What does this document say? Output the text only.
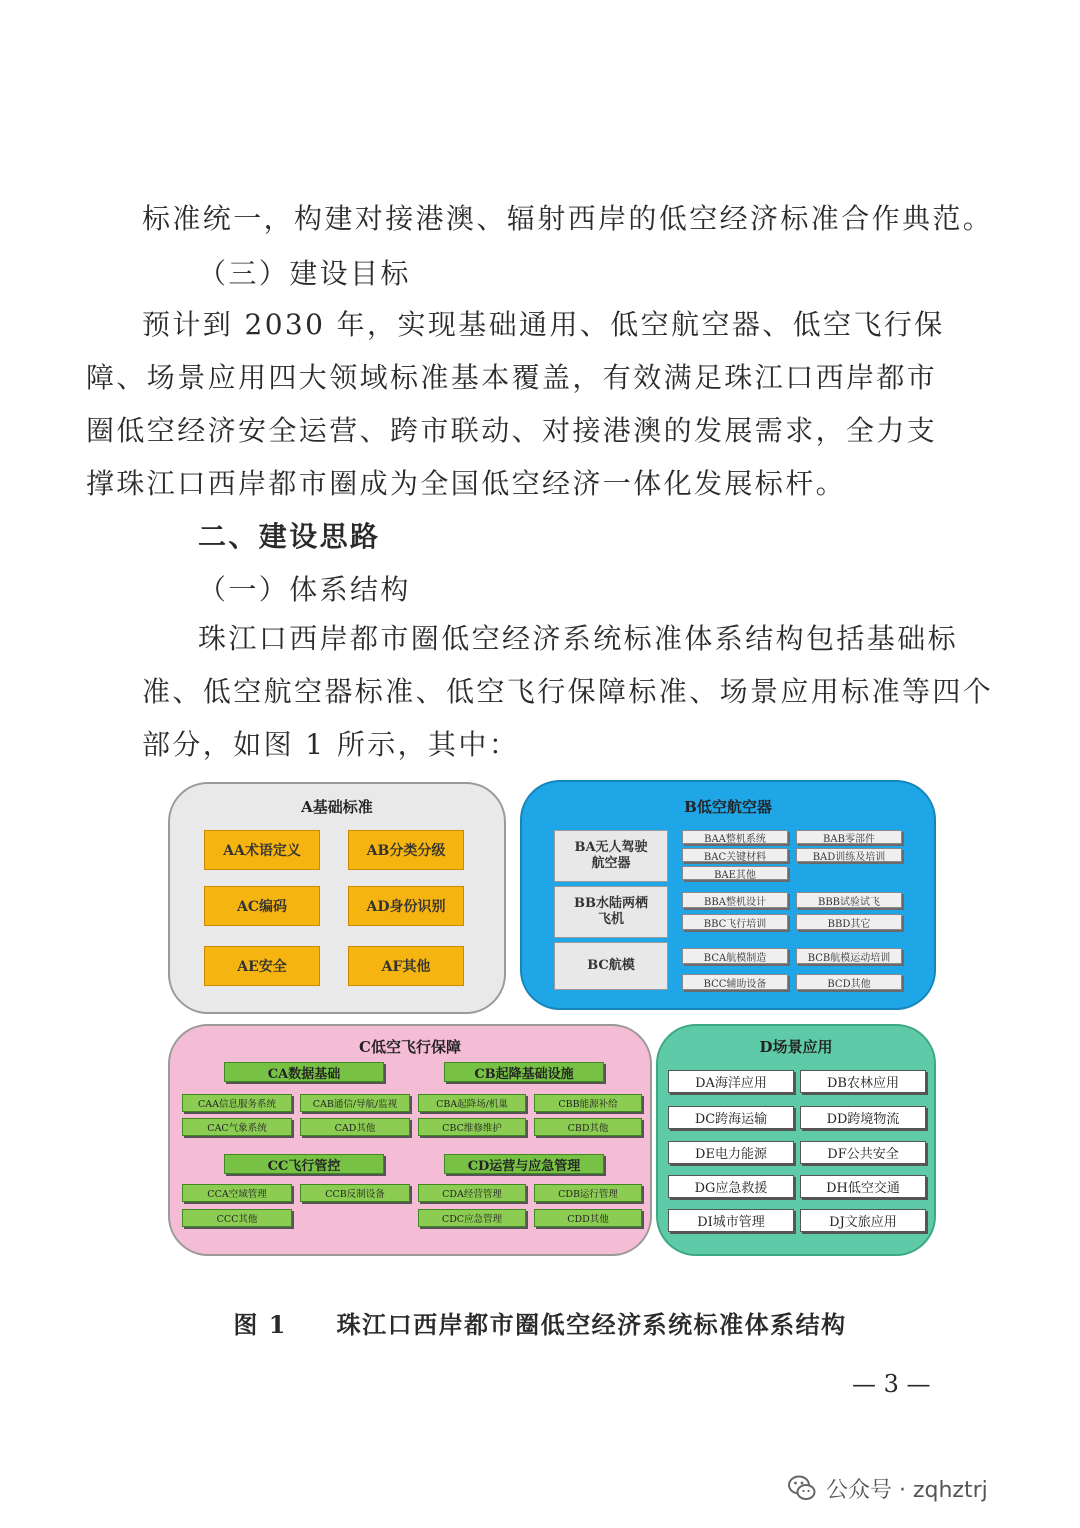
标准统一，构建对接港澳、辐射西岸的低空经济标准合作典范。
（三）建设目标
预计到 2030 年，实现基础通用、低空航空器、低空飞行保
障、场景应用四大领域标准基本覆盖，有效满足珠江口西岸都市
圈低空经济安全运营、跨市联动、对接港澳的发展需求，全力支
撑珠江口西岸都市圈成为全国低空经济一体化发展标杆。
二、建设思路
（一）体系结构
珠江口西岸都市圈低空经济系统标准体系结构包括基础标
准、低空航空器标准、低空飞行保障标准、场景应用标准等四个
部分，如图 1 所示，其中：
A基础标准
AA术语定义	AB分类分级
AC编码	AD身份识别
AE安全	AF其他
B低空航空器
BA无人驾驶航空器
BAA整机系统	BAB零部件
BAC关键材料	BAD训练及培训
BAE其他
BB水陆两栖飞机
BBA整机设计	BBB试验试飞
BBC飞行培训	BBD其它
BC航模	BCA航模制造	BCB航模运动培训
BCC辅助设备	BCD其他
C低空飞行保障
CA数据基础
CAA信息服务系统	CAB通信/导航/监视
CAC气象系统	CAD其他
CB起降基础设施
CBA起降场/机巢	CBB能源补给
CBC维修维护	CBD其他
CC飞行管控
CCA空域管理	CCB反制设备
CCC其他
CD运营与应急管理
CDA经营管理	CDB运行管理
CDC应急管理	CDD其他
D场景应用
DA海洋应用	DB农林应用
DC跨海运输	DD跨境物流
DE电力能源	DF公共安全
DG应急救援	DH低空交通
DI城市管理	DJ文旅应用
图 1 珠江口西岸都市圈低空经济系统标准体系结构
— 3 —
公众号 · zqhztrj
